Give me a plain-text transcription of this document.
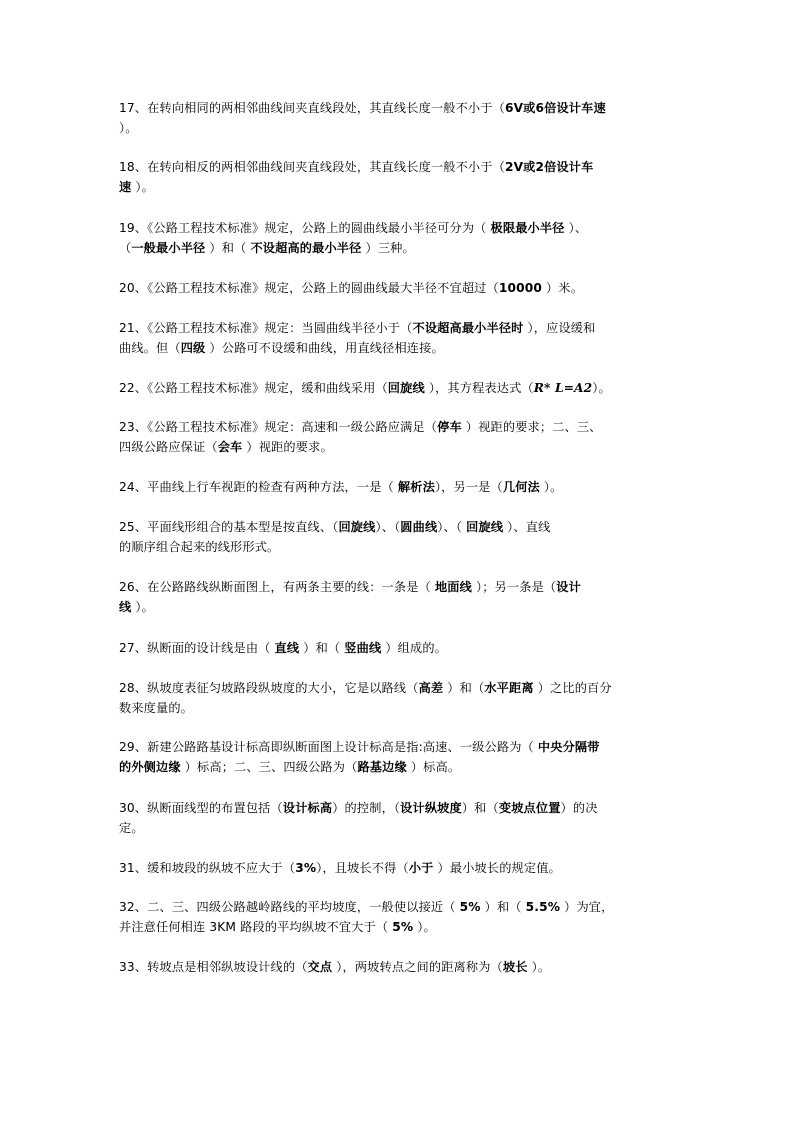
17、在转向相同的两相邻曲线间夹直线段处，其直线长度一般不小于（6V或6倍设计车速
）。
18、在转向相反的两相邻曲线间夹直线段处，其直线长度一般不小于（2V或2倍设计车
速 ）。
19、《公路工程技术标准》规定，公路上的圆曲线最小半径可分为（ 极限最小半径 ）、
（一般最小半径 ）和（ 不设超高的最小半径 ）三种。
20、《公路工程技术标准》规定，公路上的圆曲线最大半径不宜超过（10000 ）米。
21、《公路工程技术标准》规定：当圆曲线半径小于（不设超高最小半径时 ），应设缓和
曲线。但（四级 ）公路可不设缓和曲线，用直线径相连接。
22、《公路工程技术标准》规定，缓和曲线采用（回旋线 ），其方程表达式（R* L=A2）。
23、《公路工程技术标准》规定：高速和一级公路应满足（停车 ）视距的要求；二、三、
四级公路应保证（会车 ）视距的要求。
24、平曲线上行车视距的检查有两种方法，一是（ 解析法），另一是（几何法 ）。
25、平面线形组合的基本型是按直线、（回旋线）、（圆曲线）、（ 回旋线 ）、直线
的顺序组合起来的线形形式。
26、在公路路线纵断面图上，有两条主要的线：一条是（ 地面线 ）；另一条是（设计
线 ）。
27、纵断面的设计线是由（ 直线 ）和（ 竖曲线 ）组成的。
28、纵坡度表征匀坡路段纵坡度的大小，它是以路线（高差 ）和（水平距离 ）之比的百分
数来度量的。
29、新建公路路基设计标高即纵断面图上设计标高是指:高速、一级公路为（ 中央分隔带
的外侧边缘 ）标高；二、三、四级公路为（路基边缘 ）标高。
30、纵断面线型的布置包括（设计标高）的控制，（设计纵坡度）和（变坡点位置）的决
定。
31、缓和坡段的纵坡不应大于（3%），且坡长不得（小于 ）最小坡长的规定值。
32、二、三、四级公路越岭路线的平均坡度，一般使以接近（ 5% ）和（ 5.5% ）为宜，
并注意任何相连 3KM 路段的平均纵坡不宜大于（ 5% ）。
33、转坡点是相邻纵坡设计线的（交点 ），两坡转点之间的距离称为（坡长 ）。
